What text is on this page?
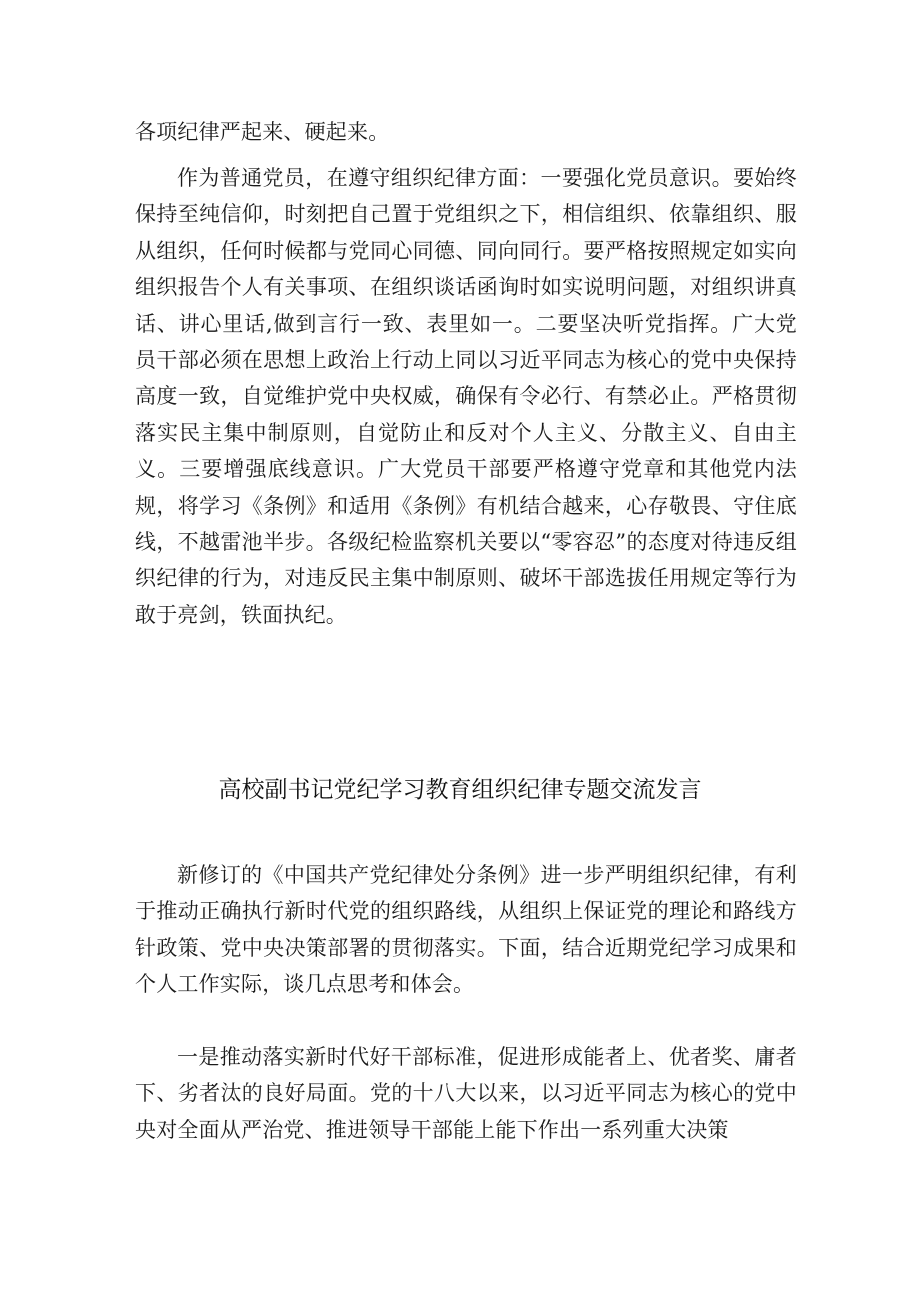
各项纪律严起来、硬起来。

作为普通党员，在遵守组织纪律方面：一要强化党员意识。要始终保持至纯信仰，时刻把自己置于党组织之下，相信组织、依靠组织、服从组织，任何时候都与党同心同德、同向同行。要严格按照规定如实向组织报告个人有关事项、在组织谈话函询时如实说明问题，对组织讲真话、讲心里话,做到言行一致、表里如一。二要坚决听党指挥。广大党员干部必须在思想上政治上行动上同以习近平同志为核心的党中央保持高度一致，自觉维护党中央权威，确保有令必行、有禁必止。严格贯彻落实民主集中制原则，自觉防止和反对个人主义、分散主义、自由主义。三要增强底线意识。广大党员干部要严格遵守党章和其他党内法规，将学习《条例》和适用《条例》有机结合越来，心存敬畏、守住底线，不越雷池半步。各级纪检监察机关要以“零容忍”的态度对待违反组织纪律的行为，对违反民主集中制原则、破坏干部选拔任用规定等行为敢于亮剑，铁面执纪。

高校副书记党纪学习教育组织纪律专题交流发言

新修订的《中国共产党纪律处分条例》进一步严明组织纪律，有利于推动正确执行新时代党的组织路线，从组织上保证党的理论和路线方针政策、党中央决策部署的贯彻落实。下面，结合近期党纪学习成果和个人工作实际，谈几点思考和体会。

一是推动落实新时代好干部标准，促进形成能者上、优者奖、庸者下、劣者汰的良好局面。党的十八大以来，以习近平同志为核心的党中央对全面从严治党、推进领导干部能上能下作出一系列重大决策
